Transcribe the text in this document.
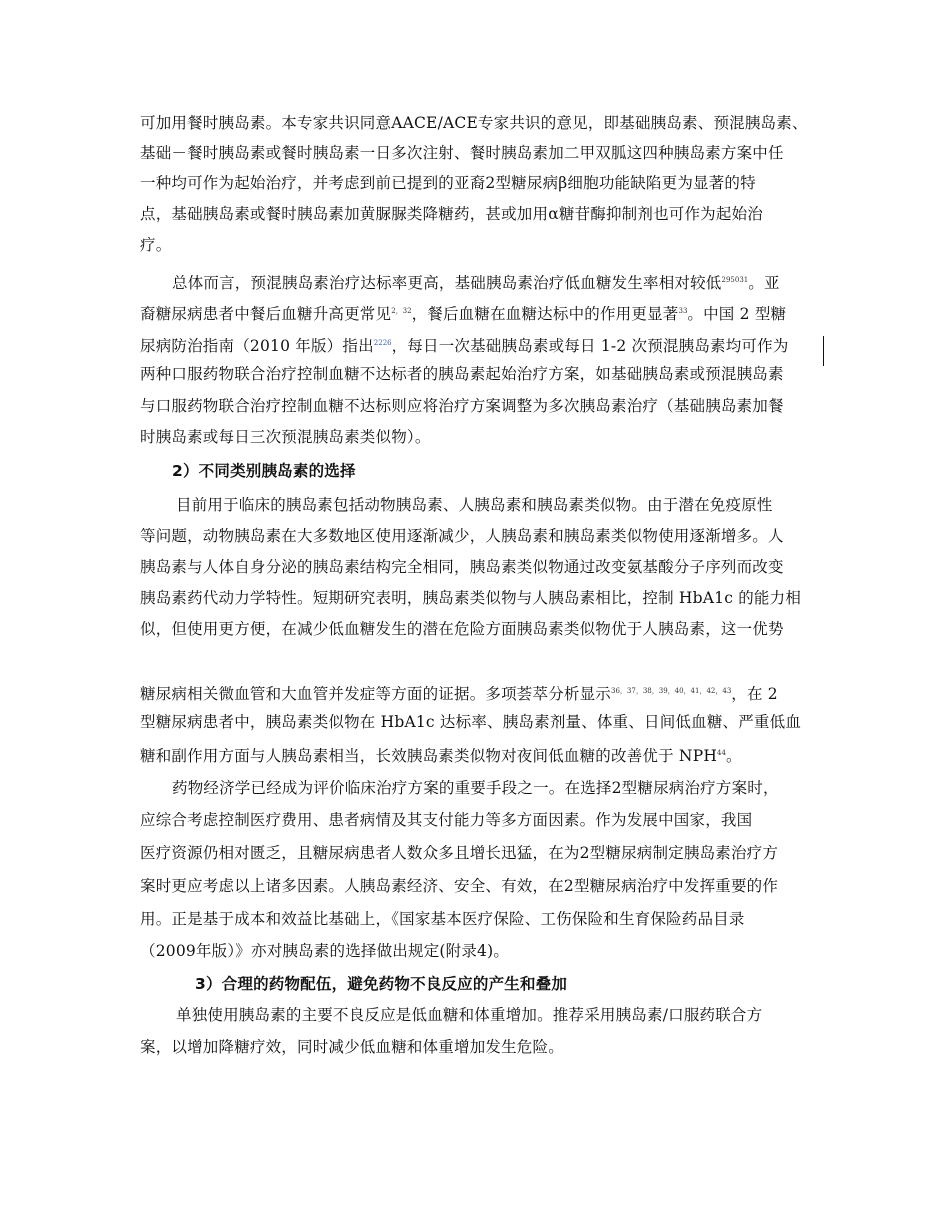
可加用餐时胰岛素。本专家共识同意AACE/ACE专家共识的意见，即基础胰岛素、预混胰岛素、
基础－餐时胰岛素或餐时胰岛素一日多次注射、餐时胰岛素加二甲双胍这四种胰岛素方案中任
一种均可作为起始治疗，并考虑到前已提到的亚裔2型糖尿病β细胞功能缺陷更为显著的特
点，基础胰岛素或餐时胰岛素加黄脲脲类降糖药，甚或加用α糖苷酶抑制剂也可作为起始治
疗。
总体而言，预混胰岛素治疗达标率更高，基础胰岛素治疗低血糖发生率相对较低$^{295031}$。亚
裔糖尿病患者中餐后血糖升高更常见$^{2,32}$，餐后血糖在血糖达标中的作用更显著$^{33}$。中国 2 型糖
尿病防治指南（2010 年版）指出$^{2226}$，每日一次基础胰岛素或每日 1-2 次预混胰岛素均可作为
两种口服药物联合治疗控制血糖不达标者的胰岛素起始治疗方案，如基础胰岛素或预混胰岛素
与口服药物联合治疗控制血糖不达标则应将治疗方案调整为多次胰岛素治疗（基础胰岛素加餐
时胰岛素或每日三次预混胰岛素类似物）。
2）不同类别胰岛素的选择
目前用于临床的胰岛素包括动物胰岛素、人胰岛素和胰岛素类似物。由于潜在免疫原性
等问题，动物胰岛素在大多数地区使用逐渐减少，人胰岛素和胰岛素类似物使用逐渐增多。人
胰岛素与人体自身分泌的胰岛素结构完全相同，胰岛素类似物通过改变氨基酸分子序列而改变
胰岛素药代动力学特性。短期研究表明，胰岛素类似物与人胰岛素相比，控制 HbA1c 的能力相
似，但使用更方便，在减少低血糖发生的潜在危险方面胰岛素类似物优于人胰岛素，这一优势
糖尿病相关微血管和大血管并发症等方面的证据。多项荟萃分析显示$^{36,37,38,39,40,41,42,43}$，在 2
型糖尿病患者中，胰岛素类似物在 HbA1c 达标率、胰岛素剂量、体重、日间低血糖、严重低血
糖和副作用方面与人胰岛素相当，长效胰岛素类似物对夜间低血糖的改善优于 NPH$^{44}$。
药物经济学已经成为评价临床治疗方案的重要手段之一。在选择2型糖尿病治疗方案时，
应综合考虑控制医疗费用、患者病情及其支付能力等多方面因素。作为发展中国家，我国
医疗资源仍相对匮乏，且糖尿病患者人数众多且增长迅猛，在为2型糖尿病制定胰岛素治疗方
案时更应考虑以上诸多因素。人胰岛素经济、安全、有效，在2型糖尿病治疗中发挥重要的作
用。正是基于成本和效益比基础上，《国家基本医疗保险、工伤保险和生育保险药品目录
（2009年版）》亦对胰岛素的选择做出规定(附录4)。
3）合理的药物配伍，避免药物不良反应的产生和叠加
单独使用胰岛素的主要不良反应是低血糖和体重增加。推荐采用胰岛素/口服药联合方
案，以增加降糖疗效，同时减少低血糖和体重增加发生危险。
